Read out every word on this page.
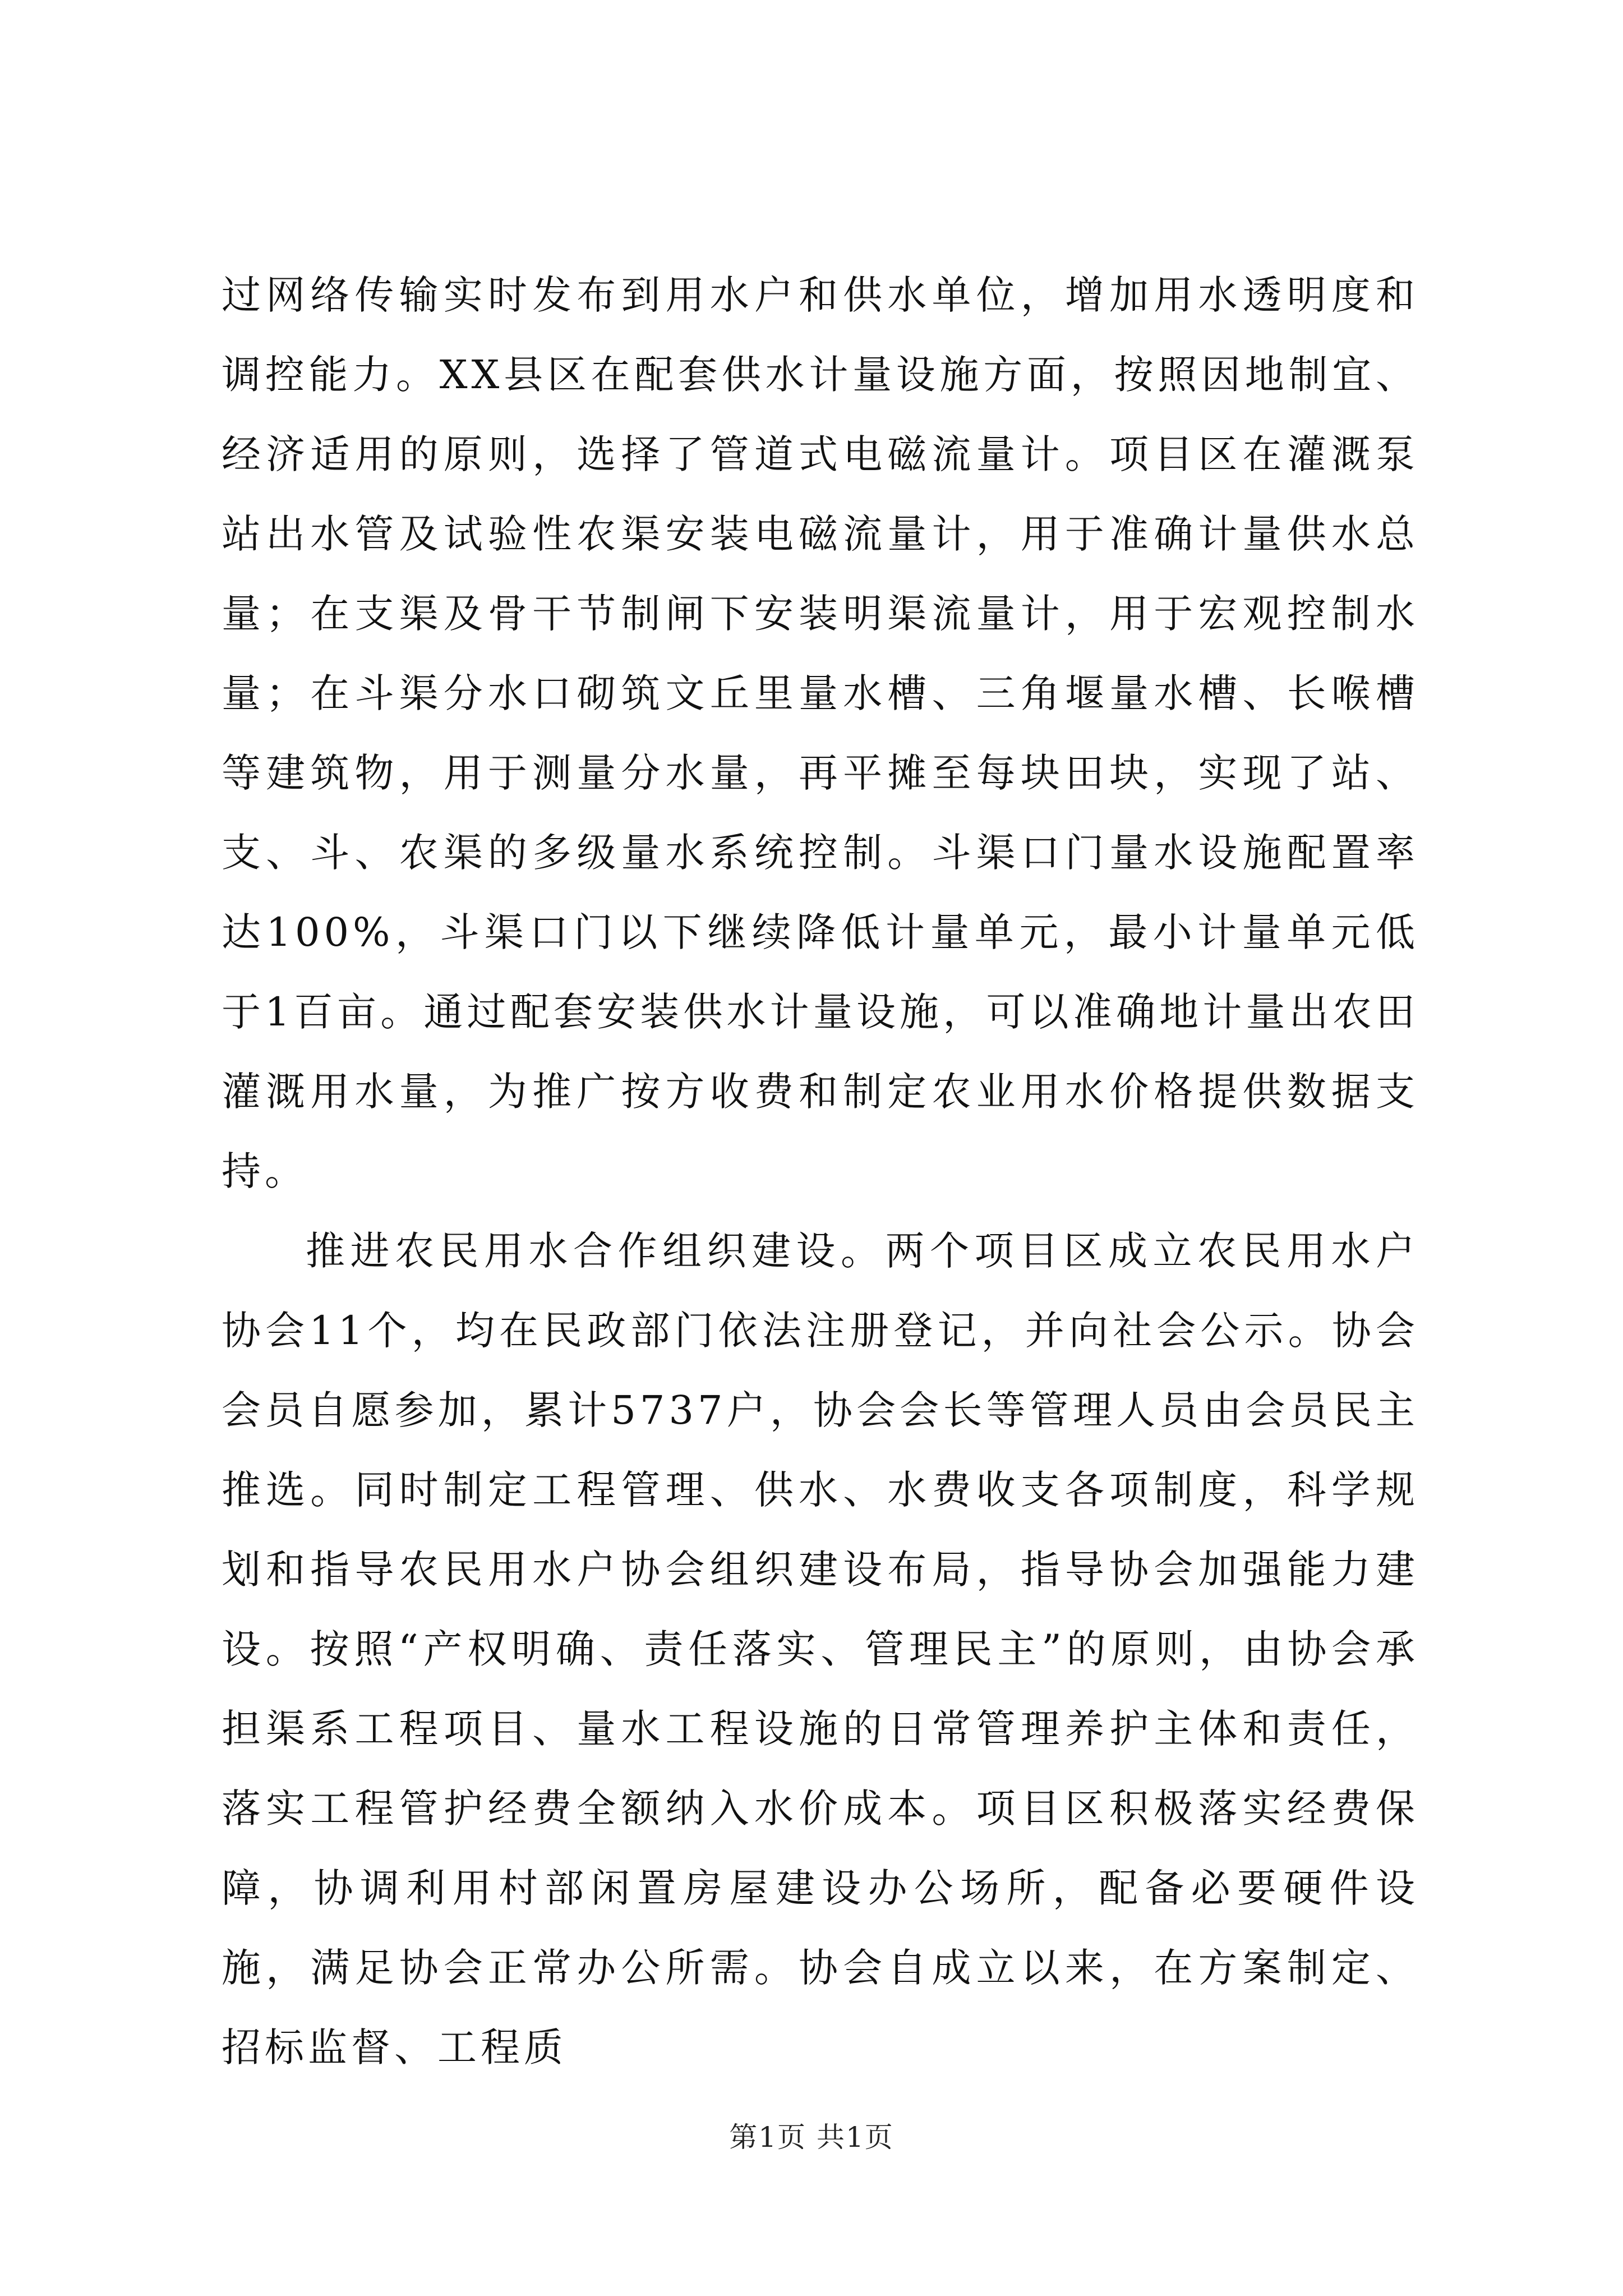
过网络传输实时发布到用水户和供水单位，增加用水透明度和调控能力。XX县区在配套供水计量设施方面，按照因地制宜、经济适用的原则，选择了管道式电磁流量计。项目区在灌溉泵站出水管及试验性农渠安装电磁流量计，用于准确计量供水总量；在支渠及骨干节制闸下安装明渠流量计，用于宏观控制水量；在斗渠分水口砌筑文丘里量水槽、三角堰量水槽、长喉槽等建筑物，用于测量分水量，再平摊至每块田块，实现了站、支、斗、农渠的多级量水系统控制。斗渠口门量水设施配置率达100%，斗渠口门以下继续降低计量单元，最小计量单元低于1百亩。通过配套安装供水计量设施，可以准确地计量出农田灌溉用水量，为推广按方收费和制定农业用水价格提供数据支持。

推进农民用水合作组织建设。两个项目区成立农民用水户协会11个，均在民政部门依法注册登记，并向社会公示。协会会员自愿参加，累计5737户，协会会长等管理人员由会员民主推选。同时制定工程管理、供水、水费收支各项制度，科学规划和指导农民用水户协会组织建设布局，指导协会加强能力建设。按照“产权明确、责任落实、管理民主”的原则，由协会承担渠系工程项目、量水工程设施的日常管理养护主体和责任，落实工程管护经费全额纳入水价成本。项目区积极落实经费保障，协调利用村部闲置房屋建设办公场所，配备必要硬件设施，满足协会正常办公所需。协会自成立以来，在方案制定、招标监督、工程质

第1页 共1页
